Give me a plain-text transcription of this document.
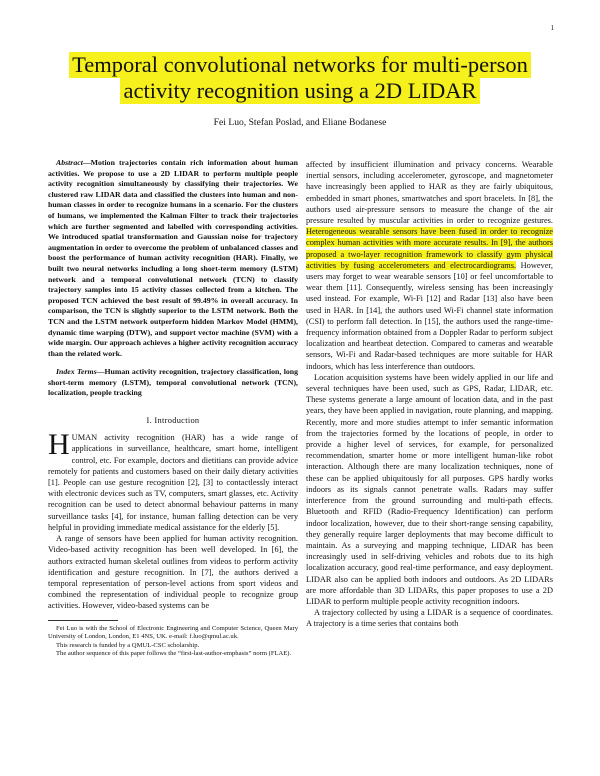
1
Temporal convolutional networks for multi-person
activity recognition using a 2D LIDAR
Fei Luo, Stefan Poslad, and Eliane Bodanese

Abstract—Motion trajectories contain rich information about human activities. We propose to use a 2D LIDAR to perform multiple people activity recognition simultaneously by classifying their trajectories. We clustered raw LIDAR data and classified the clusters into human and non-human classes in order to recognize humans in a scenario. For the clusters of humans, we implemented the Kalman Filter to track their trajectories which are further segmented and labelled with corresponding activities. We introduced spatial transformation and Gaussian noise for trajectory augmentation in order to overcome the problem of unbalanced classes and boost the performance of human activity recognition (HAR). Finally, we built two neural networks including a long short-term memory (LSTM) network and a temporal convolutional network (TCN) to classify trajectory samples into 15 activity classes collected from a kitchen. The proposed TCN achieved the best result of 99.49% in overall accuracy. In comparison, the TCN is slightly superior to the LSTM network. Both the TCN and the LSTM network outperform hidden Markov Model (HMM), dynamic time warping (DTW), and support vector machine (SVM) with a wide margin. Our approach achieves a higher activity recognition accuracy than the related work.

Index Terms—Human activity recognition, trajectory classification, long short-term memory (LSTM), temporal convolutional network (TCN), localization, people tracking

I. Introduction

HUMAN activity recognition (HAR) has a wide range of applications in surveillance, healthcare, smart home, intelligent control, etc. For example, doctors and dietitians can provide advice remotely for patients and customers based on their daily dietary activities [1]. People can use gesture recognition [2], [3] to contactlessly interact with electronic devices such as TV, computers, smart glasses, etc. Activity recognition can be used to detect abnormal behaviour patterns in many surveillance tasks [4], for instance, human falling detection can be very helpful in providing immediate medical assistance for the elderly [5].

A range of sensors have been applied for human activity recognition. Video-based activity recognition has been well developed. In [6], the authors extracted human skeletal outlines from videos to perform activity identification and gesture recognition. In [7], the authors derived a temporal representation of person-level actions from sport videos and combined the representation of individual people to recognize group activities. However, video-based systems can be

Fei Luo is with the School of Electronic Engineering and Computer Science, Queen Mary University of London, London, E1 4NS, UK. e-mail: f.luo@qmul.ac.uk.

This research is funded by a QMUL-CSC scholarship.

The author sequence of this paper follows the “first-last-author-emphasis” norm (FLAE).

affected by insufficient illumination and privacy concerns. Wearable inertial sensors, including accelerometer, gyroscope, and magnetometer have increasingly been applied to HAR as they are fairly ubiquitous, embedded in smart phones, smartwatches and sport bracelets. In [8], the authors used air-pressure sensors to measure the change of the air pressure resulted by muscular activities in order to recognize gestures. Heterogeneous wearable sensors have been fused in order to recognize complex human activities with more accurate results. In [9], the authors proposed a two-layer recognition framework to classify gym physical activities by fusing accelerometers and electrocardiograms. However, users may forget to wear wearable sensors [10] or feel uncomfortable to wear them [11]. Consequently, wireless sensing has been increasingly used instead. For example, Wi-Fi [12] and Radar [13] also have been used in HAR. In [14], the authors used Wi-Fi channel state information (CSI) to perform fall detection. In [15], the authors used the range-time-frequency information obtained from a Doppler Radar to perform subject localization and heartbeat detection. Compared to cameras and wearable sensors, Wi-Fi and Radar-based techniques are more suitable for HAR indoors, which has less interference than outdoors.

Location acquisition systems have been widely applied in our life and several techniques have been used, such as GPS, Radar, LIDAR, etc. These systems generate a large amount of location data, and in the past years, they have been applied in navigation, route planning, and mapping. Recently, more and more studies attempt to infer semantic information from the trajectories formed by the locations of people, in order to provide a higher level of services, for example, for personalized recommendation, smarter home or more intelligent human-like robot interaction. Although there are many localization techniques, none of these can be applied ubiquitously for all purposes. GPS hardly works indoors as its signals cannot penetrate walls. Radars may suffer interference from the ground surrounding and multi-path effects. Bluetooth and RFID (Radio-Frequency Identification) can perform indoor localization, however, due to their short-range sensing capability, they generally require larger deployments that may become difficult to maintain. As a surveying and mapping technique, LIDAR has been increasingly used in self-driving vehicles and robots due to its high localization accuracy, good real-time performance, and easy deployment. LIDAR also can be applied both indoors and outdoors. As 2D LIDARs are more affordable than 3D LIDARs, this paper proposes to use a 2D LIDAR to perform multiple people activity recognition indoors.

A trajectory collected by using a LIDAR is a sequence of coordinates. A trajectory is a time series that contains both
